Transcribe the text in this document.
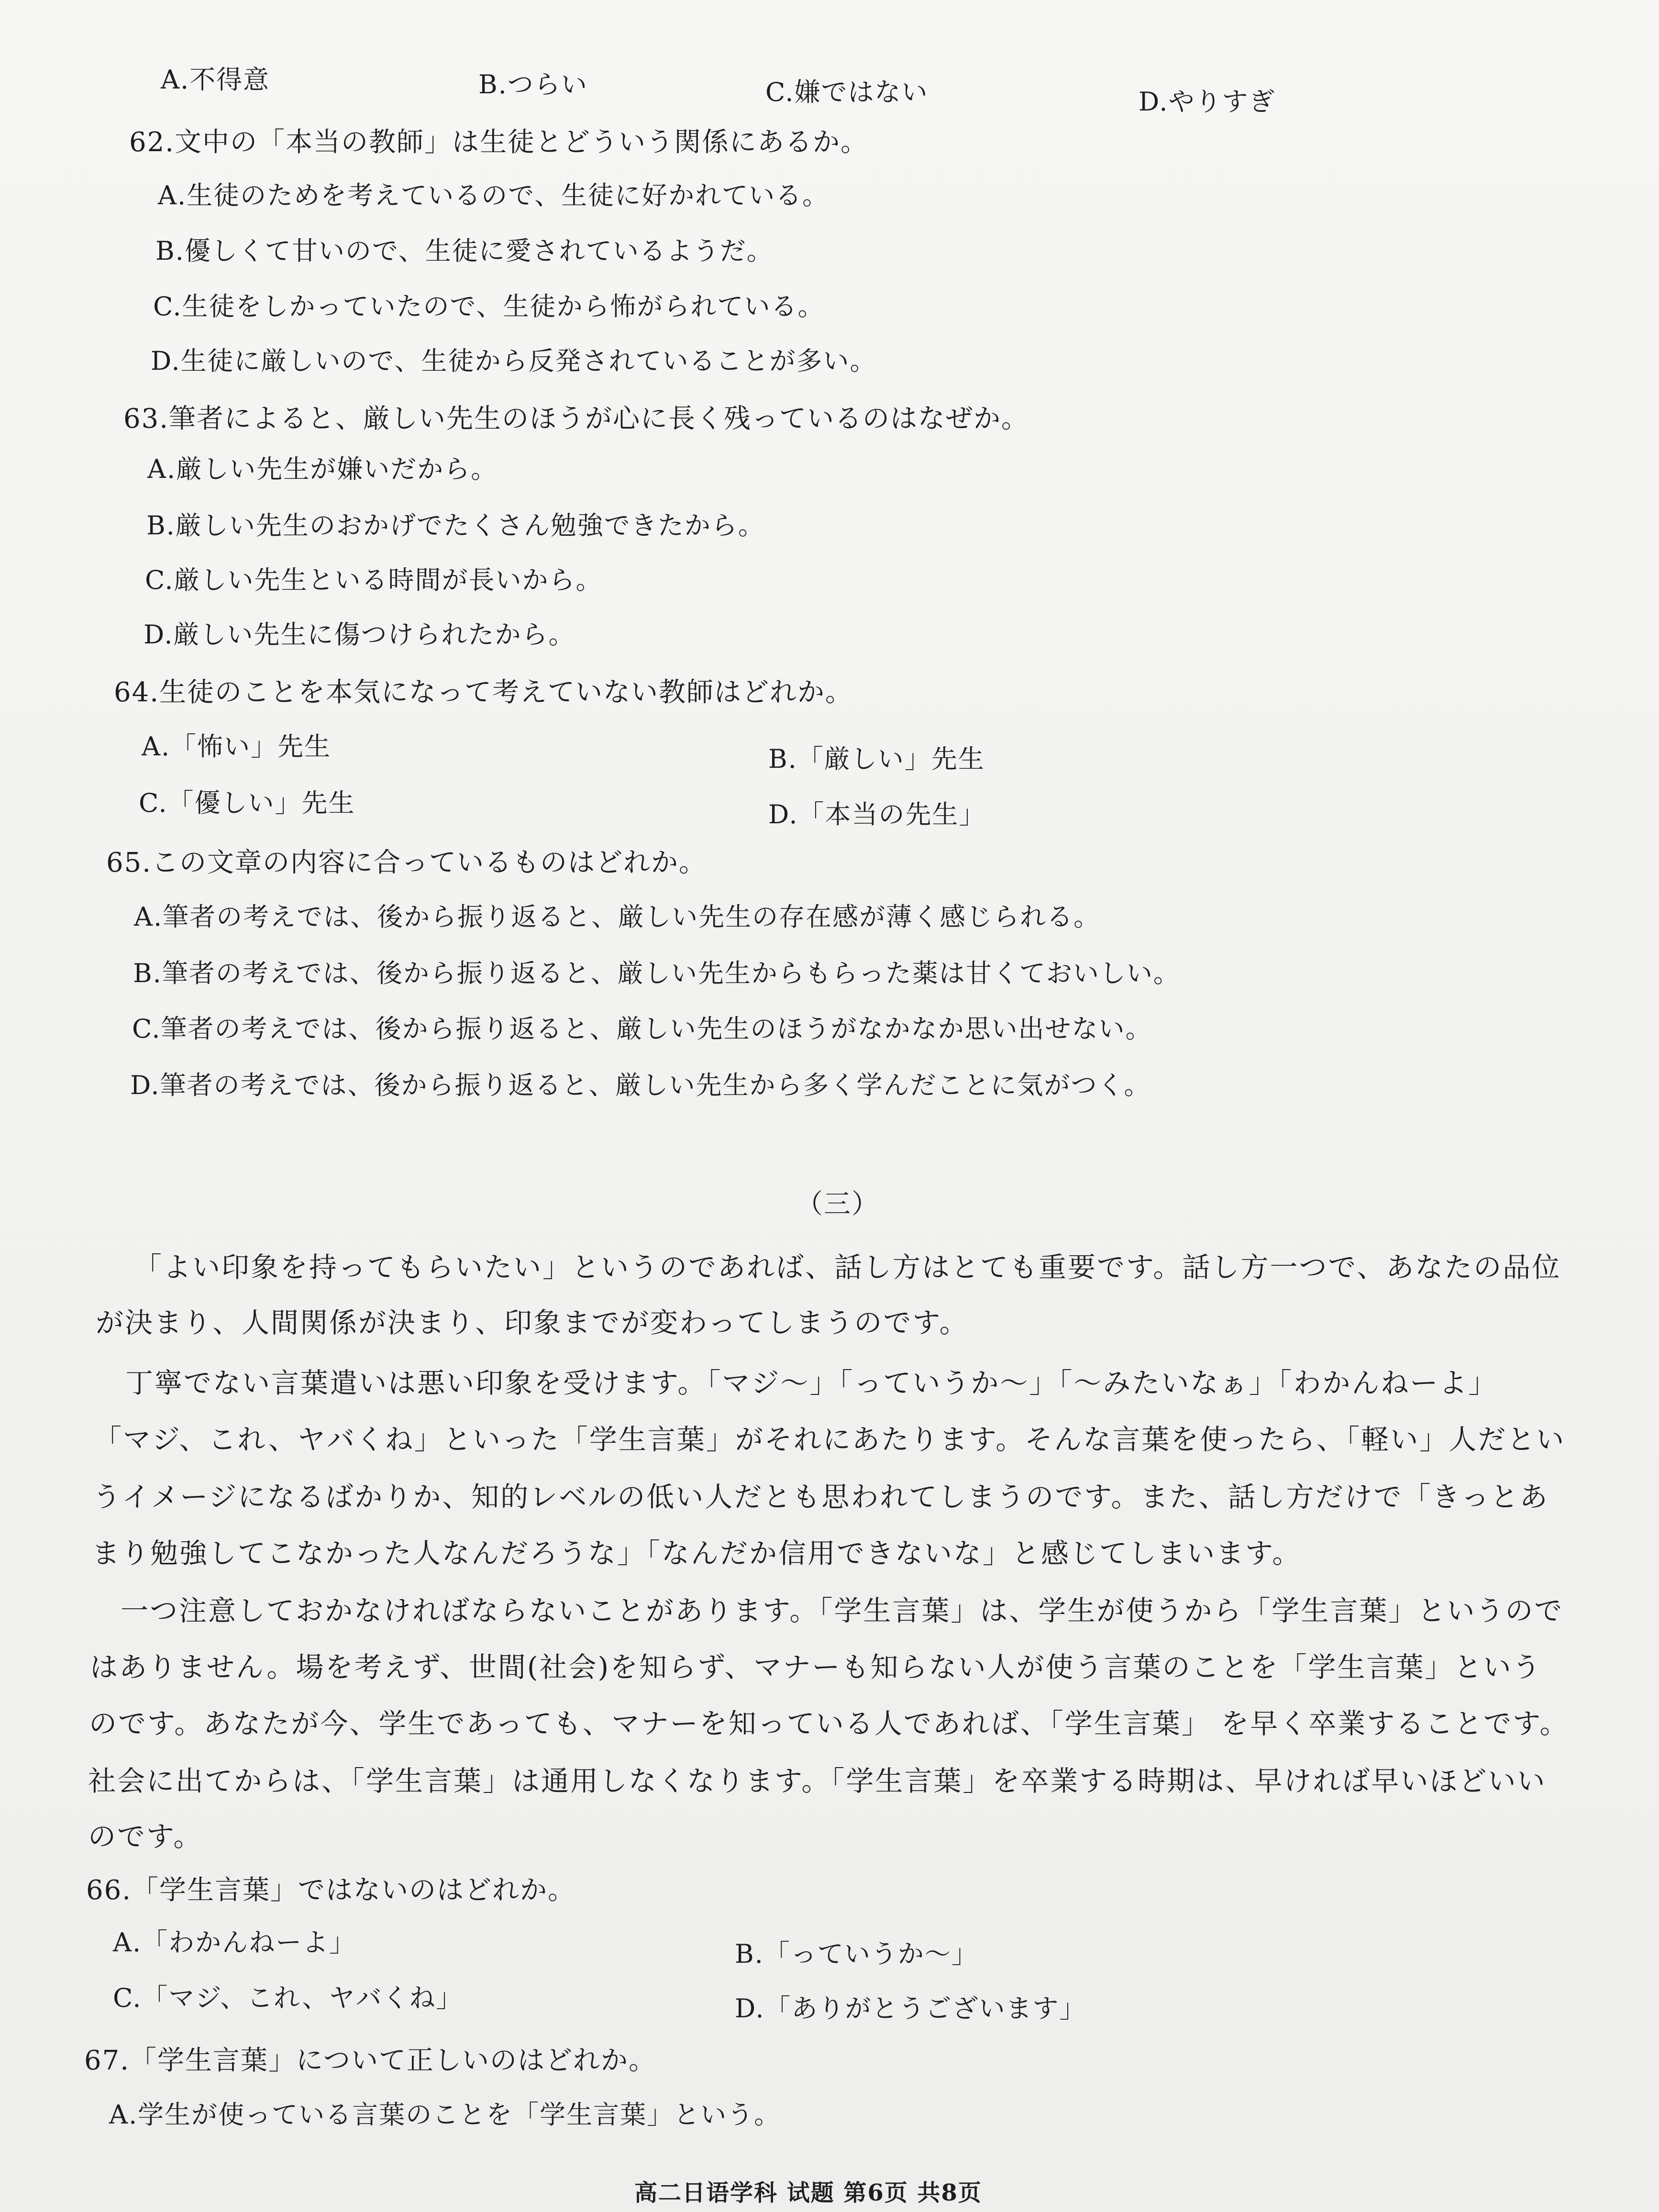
A.不得意	B.つらい	C.嫌ではない	D.やりすぎ
62.文中の「本当の教師」は生徒とどういう関係にあるか。
A.生徒のためを考えているので、生徒に好かれている。
B.優しくて甘いので、生徒に愛されているようだ。
C.生徒をしかっていたので、生徒から怖がられている。
D.生徒に厳しいので、生徒から反発されていることが多い。
63.筆者によると、厳しい先生のほうが心に長く残っているのはなぜか。
A.厳しい先生が嫌いだから。
B.厳しい先生のおかげでたくさん勉強できたから。
C.厳しい先生といる時間が長いから。
D.厳しい先生に傷つけられたから。
64.生徒のことを本気になって考えていない教師はどれか。
A.「怖い」先生	B.「厳しい」先生
C.「優しい」先生	D.「本当の先生」
65.この文章の内容に合っているものはどれか。
A.筆者の考えでは、後から振り返ると、厳しい先生の存在感が薄く感じられる。
B.筆者の考えでは、後から振り返ると、厳しい先生からもらった薬は甘くておいしい。
C.筆者の考えでは、後から振り返ると、厳しい先生のほうがなかなか思い出せない。
D.筆者の考えでは、後から振り返ると、厳しい先生から多く学んだことに気がつく。
（三）
「よい印象を持ってもらいたい」というのであれば、話し方はとても重要です。話し方一つで、あなたの品位
が決まり、人間関係が決まり、印象までが変わってしまうのです。
丁寧でない言葉遣いは悪い印象を受けます。「マジ～」「っていうか～」「～みたいなぁ」「わかんねーよ」
「マジ、これ、ヤバくね」といった「学生言葉」がそれにあたります。そんな言葉を使ったら、「軽い」人だとい
うイメージになるばかりか、知的レベルの低い人だとも思われてしまうのです。また、話し方だけで「きっとあ
まり勉強してこなかった人なんだろうな」「なんだか信用できないな」と感じてしまいます。
一つ注意しておかなければならないことがあります。「学生言葉」は、学生が使うから「学生言葉」というので
はありません。場を考えず、世間(社会)を知らず、マナーも知らない人が使う言葉のことを「学生言葉」という
のです。あなたが今、学生であっても、マナーを知っている人であれば、「学生言葉」 を早く卒業することです。
社会に出てからは、「学生言葉」は通用しなくなります。「学生言葉」を卒業する時期は、早ければ早いほどいい
のです。
66.「学生言葉」ではないのはどれか。
A.「わかんねーよ」	B.「っていうか～」
C.「マジ、これ、ヤバくね」	D.「ありがとうございます」
67.「学生言葉」について正しいのはどれか。
A.学生が使っている言葉のことを「学生言葉」という。
高二日语学科 试题 第6页 共8页
